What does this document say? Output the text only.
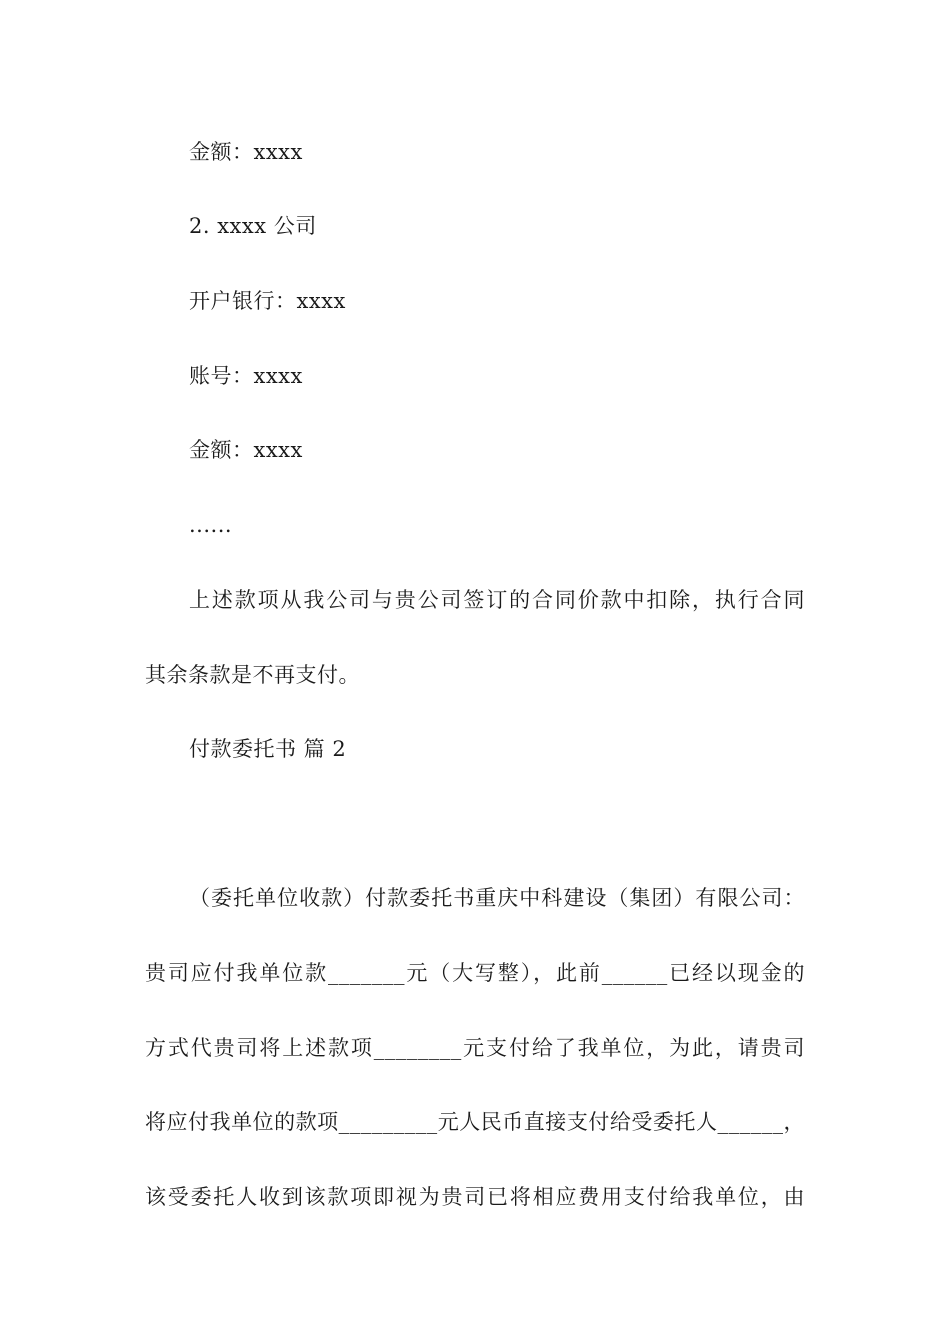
金额：xxxx
2. xxxx 公司
开户银行：xxxx
账号：xxxx
金额：xxxx
......
上述款项从我公司与贵公司签订的合同价款中扣除，执行合同
其余条款是不再支付。
付款委托书 篇 2
（委托单位收款）付款委托书重庆中科建设（集团）有限公司：
贵司应付我单位款_______元（大写整），此前______已经以现金的
方式代贵司将上述款项________元支付给了我单位，为此，请贵司
将应付我单位的款项_________元人民币直接支付给受委托人______，
该受委托人收到该款项即视为贵司已将相应费用支付给我单位，由
